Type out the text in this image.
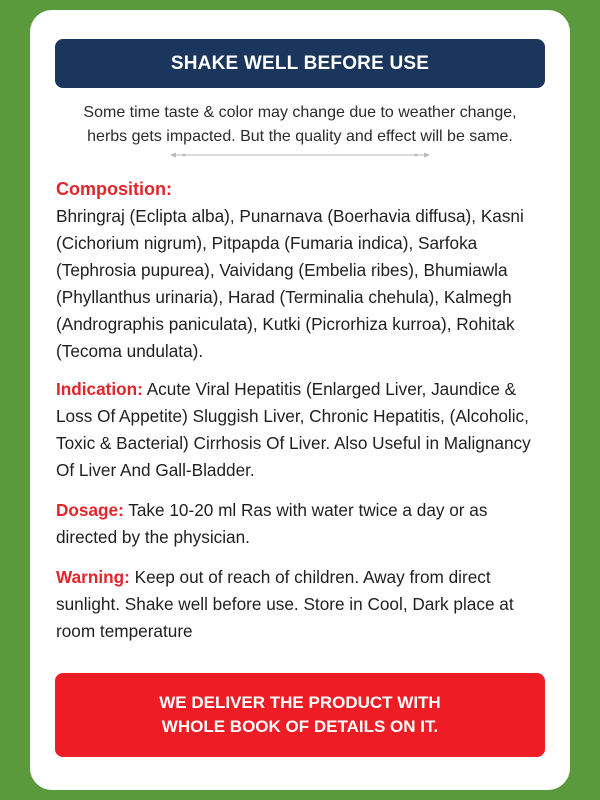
SHAKE WELL BEFORE USE
Some time taste & color may change due to weather change,
herbs gets impacted. But the quality and effect will be same.
Composition:
Bhringraj (Eclipta alba), Punarnava (Boerhavia diffusa), Kasni (Cichorium nigrum), Pitpapda (Fumaria indica), Sarfoka (Tephrosia pupurea), Vaividang (Embelia ribes), Bhumiawla (Phyllanthus urinaria), Harad (Terminalia chehula), Kalmegh (Andrographis paniculata), Kutki (Picrorhiza kurroa), Rohitak (Tecoma undulata).
Indication: Acute Viral Hepatitis (Enlarged Liver, Jaundice & Loss Of Appetite) Sluggish Liver, Chronic Hepatitis, (Alcoholic, Toxic & Bacterial) Cirrhosis Of Liver. Also Useful in Malignancy Of Liver And Gall-Bladder.
Dosage: Take 10-20 ml Ras with water twice a day or as directed by the physician.
Warning: Keep out of reach of children. Away from direct sunlight. Shake well before use. Store in Cool, Dark place at room temperature
WE DELIVER THE PRODUCT WITH
WHOLE BOOK OF DETAILS ON IT.
